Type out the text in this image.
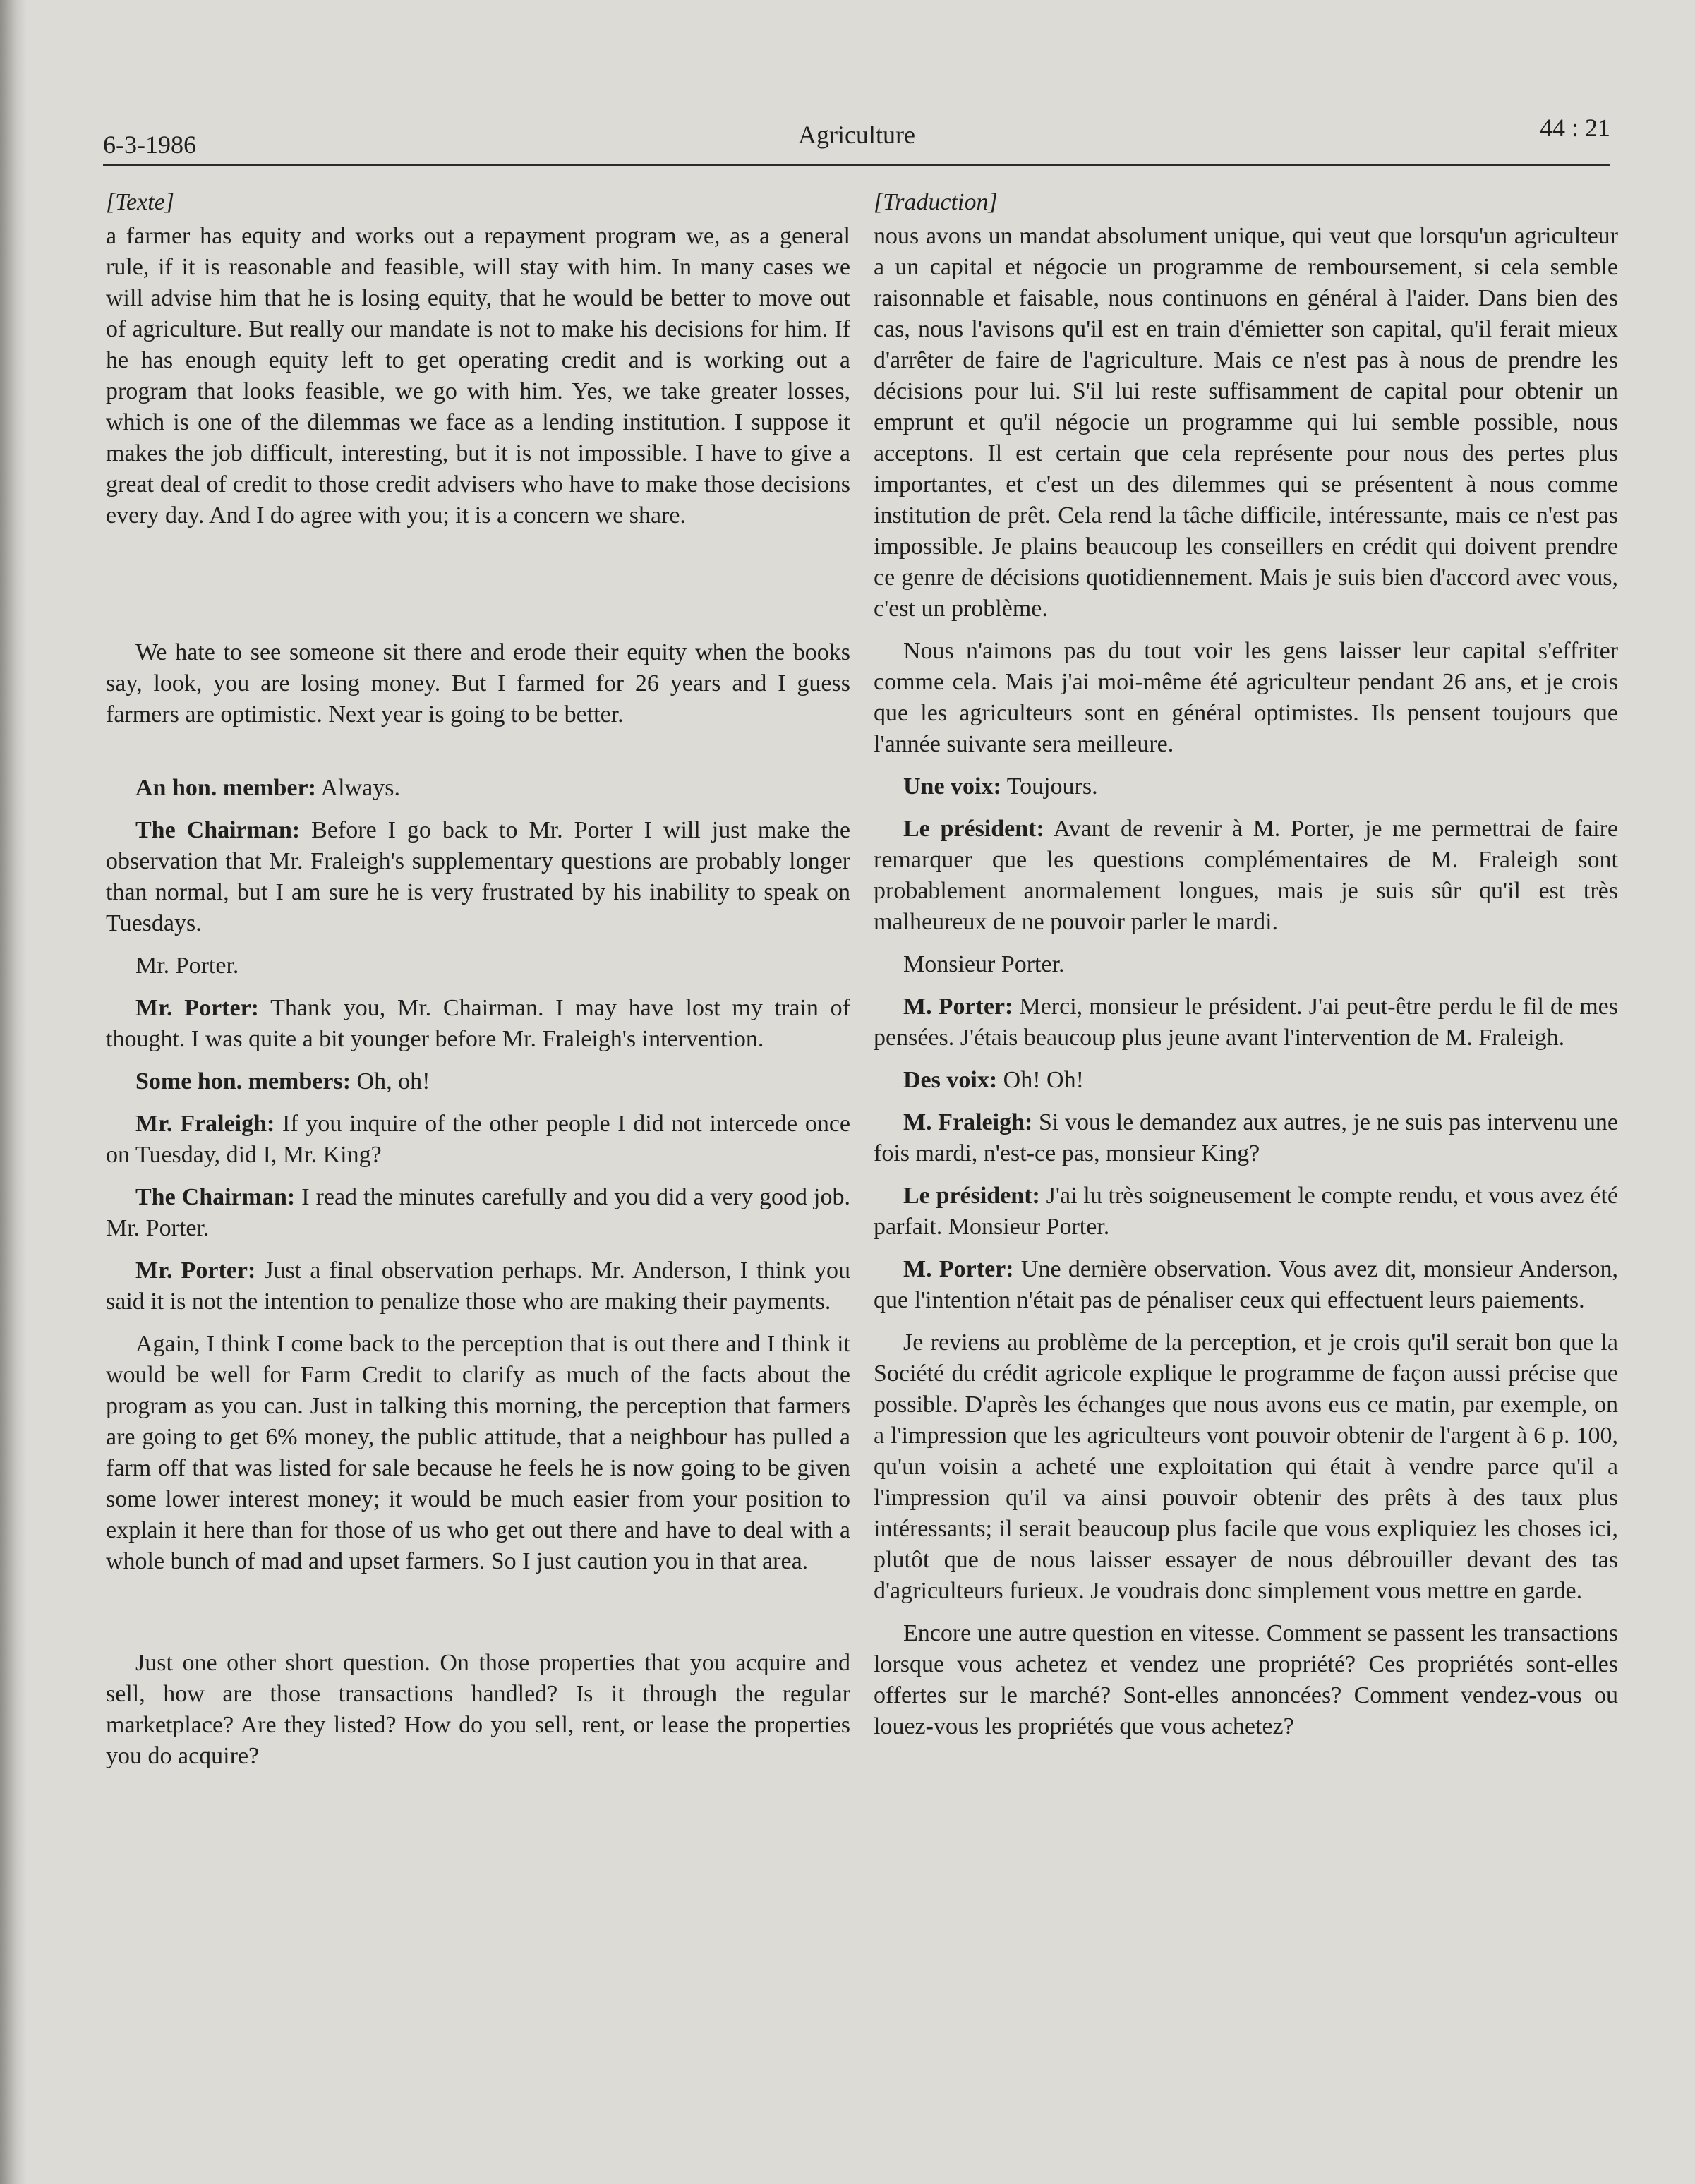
6-3-1986	Agriculture	44 : 21
[Texte]

a farmer has equity and works out a repayment program we, as a general rule, if it is reasonable and feasible, will stay with him. In many cases we will advise him that he is losing equity, that he would be better to move out of agriculture. But really our mandate is not to make his decisions for him. If he has enough equity left to get operating credit and is working out a program that looks feasible, we go with him. Yes, we take greater losses, which is one of the dilemmas we face as a lending institution. I suppose it makes the job difficult, interesting, but it is not impossible. I have to give a great deal of credit to those credit advisers who have to make those decisions every day. And I do agree with you; it is a concern we share.

We hate to see someone sit there and erode their equity when the books say, look, you are losing money. But I farmed for 26 years and I guess farmers are optimistic. Next year is going to be better.

An hon. member: Always.

The Chairman: Before I go back to Mr. Porter I will just make the observation that Mr. Fraleigh's supplementary questions are probably longer than normal, but I am sure he is very frustrated by his inability to speak on Tuesdays.

Mr. Porter.

Mr. Porter: Thank you, Mr. Chairman. I may have lost my train of thought. I was quite a bit younger before Mr. Fraleigh's intervention.

Some hon. members: Oh, oh!

Mr. Fraleigh: If you inquire of the other people I did not intercede once on Tuesday, did I, Mr. King?

The Chairman: I read the minutes carefully and you did a very good job. Mr. Porter.

Mr. Porter: Just a final observation perhaps. Mr. Anderson, I think you said it is not the intention to penalize those who are making their payments.

Again, I think I come back to the perception that is out there and I think it would be well for Farm Credit to clarify as much of the facts about the program as you can. Just in talking this morning, the perception that farmers are going to get 6% money, the public attitude, that a neighbour has pulled a farm off that was listed for sale because he feels he is now going to be given some lower interest money; it would be much easier from your position to explain it here than for those of us who get out there and have to deal with a whole bunch of mad and upset farmers. So I just caution you in that area.

Just one other short question. On those properties that you acquire and sell, how are those transactions handled? Is it through the regular marketplace? Are they listed? How do you sell, rent, or lease the properties you do acquire?

[Traduction]

nous avons un mandat absolument unique, qui veut que lorsqu'un agriculteur a un capital et négocie un programme de remboursement, si cela semble raisonnable et faisable, nous continuons en général à l'aider. Dans bien des cas, nous l'avisons qu'il est en train d'émietter son capital, qu'il ferait mieux d'arrêter de faire de l'agriculture. Mais ce n'est pas à nous de prendre les décisions pour lui. S'il lui reste suffisamment de capital pour obtenir un emprunt et qu'il négocie un programme qui lui semble possible, nous acceptons. Il est certain que cela représente pour nous des pertes plus importantes, et c'est un des dilemmes qui se présentent à nous comme institution de prêt. Cela rend la tâche difficile, intéressante, mais ce n'est pas impossible. Je plains beaucoup les conseillers en crédit qui doivent prendre ce genre de décisions quotidiennement. Mais je suis bien d'accord avec vous, c'est un problème.

Nous n'aimons pas du tout voir les gens laisser leur capital s'effriter comme cela. Mais j'ai moi-même été agriculteur pendant 26 ans, et je crois que les agriculteurs sont en général optimistes. Ils pensent toujours que l'année suivante sera meilleure.

Une voix: Toujours.

Le président: Avant de revenir à M. Porter, je me permettrai de faire remarquer que les questions complémentaires de M. Fraleigh sont probablement anormalement longues, mais je suis sûr qu'il est très malheureux de ne pouvoir parler le mardi.

Monsieur Porter.

M. Porter: Merci, monsieur le président. J'ai peut-être perdu le fil de mes pensées. J'étais beaucoup plus jeune avant l'intervention de M. Fraleigh.

Des voix: Oh! Oh!

M. Fraleigh: Si vous le demandez aux autres, je ne suis pas intervenu une fois mardi, n'est-ce pas, monsieur King?

Le président: J'ai lu très soigneusement le compte rendu, et vous avez été parfait. Monsieur Porter.

M. Porter: Une dernière observation. Vous avez dit, monsieur Anderson, que l'intention n'était pas de pénaliser ceux qui effectuent leurs paiements.

Je reviens au problème de la perception, et je crois qu'il serait bon que la Société du crédit agricole explique le programme de façon aussi précise que possible. D'après les échanges que nous avons eus ce matin, par exemple, on a l'impression que les agriculteurs vont pouvoir obtenir de l'argent à 6 p. 100, qu'un voisin a acheté une exploitation qui était à vendre parce qu'il a l'impression qu'il va ainsi pouvoir obtenir des prêts à des taux plus intéressants; il serait beaucoup plus facile que vous expliquiez les choses ici, plutôt que de nous laisser essayer de nous débrouiller devant des tas d'agriculteurs furieux. Je voudrais donc simplement vous mettre en garde.

Encore une autre question en vitesse. Comment se passent les transactions lorsque vous achetez et vendez une propriété? Ces propriétés sont-elles offertes sur le marché? Sont-elles annoncées? Comment vendez-vous ou louez-vous les propriétés que vous achetez?
